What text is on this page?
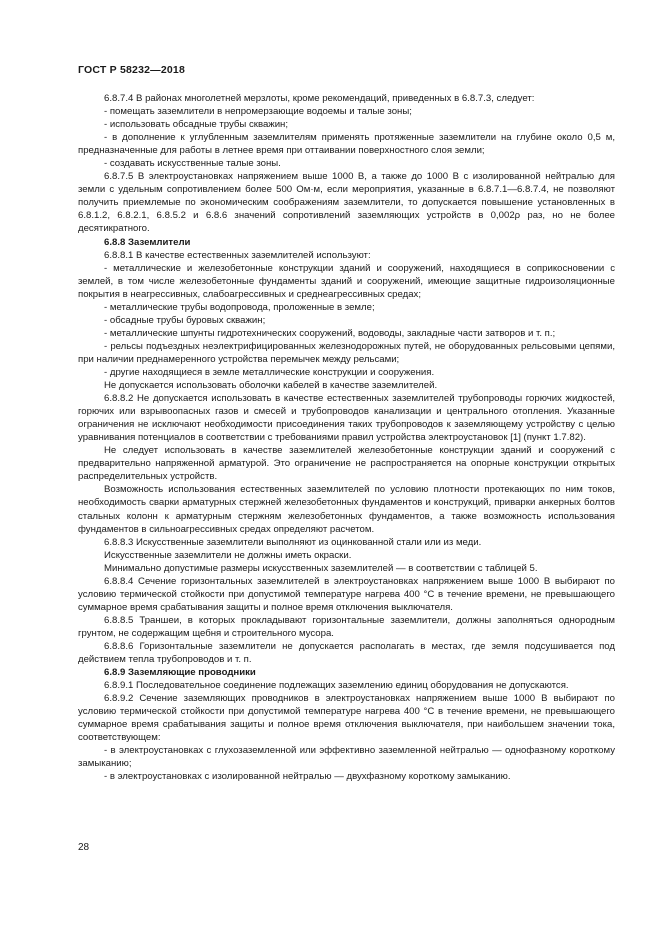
ГОСТ Р 58232—2018

6.8.7.4 В районах многолетней мерзлоты, кроме рекомендаций, приведенных в 6.8.7.3, следует:

- помещать заземлители в непромерзающие водоемы и талые зоны;

- использовать обсадные трубы скважин;

- в дополнение к углубленным заземлителям применять протяженные заземлители на глубине около 0,5 м, предназначенные для работы в летнее время при оттаивании поверхностного слоя земли;

- создавать искусственные талые зоны.

6.8.7.5 В электроустановках напряжением выше 1000 В, а также до 1000 В с изолированной нейтралью для земли с удельным сопротивлением более 500 Ом·м, если мероприятия, указанные в 6.8.7.1—6.8.7.4, не позволяют получить приемлемые по экономическим соображениям заземлители, то допускается повышение установленных в 6.8.1.2, 6.8.2.1, 6.8.5.2 и 6.8.6 значений сопротивлений заземляющих устройств в 0,002ρ раз, но не более десятикратного.

6.8.8 Заземлители

6.8.8.1 В качестве естественных заземлителей используют:

- металлические и железобетонные конструкции зданий и сооружений, находящиеся в соприкосновении с землей, в том числе железобетонные фундаменты зданий и сооружений, имеющие защитные гидроизоляционные покрытия в неагрессивных, слабоагрессивных и среднеагрессивных средах;

- металлические трубы водопровода, проложенные в земле;

- обсадные трубы буровых скважин;

- металлические шпунты гидротехнических сооружений, водоводы, закладные части затворов и т. п.;

- рельсы подъездных неэлектрифицированных железнодорожных путей, не оборудованных рельсовыми цепями, при наличии преднамеренного устройства перемычек между рельсами;

- другие находящиеся в земле металлические конструкции и сооружения.

Не допускается использовать оболочки кабелей в качестве заземлителей.

6.8.8.2 Не допускается использовать в качестве естественных заземлителей трубопроводы горючих жидкостей, горючих или взрывоопасных газов и смесей и трубопроводов канализации и центрального отопления. Указанные ограничения не исключают необходимости присоединения таких трубопроводов к заземляющему устройству с целью уравнивания потенциалов в соответствии с требованиями правил устройства электроустановок [1] (пункт 1.7.82).

Не следует использовать в качестве заземлителей железобетонные конструкции зданий и сооружений с предварительно напряженной арматурой. Это ограничение не распространяется на опорные конструкции открытых распределительных устройств.

Возможность использования естественных заземлителей по условию плотности протекающих по ним токов, необходимость сварки арматурных стержней железобетонных фундаментов и конструкций, приварки анкерных болтов стальных колонн к арматурным стержням железобетонных фундаментов, а также возможность использования фундаментов в сильноагрессивных средах определяют расчетом.

6.8.8.3 Искусственные заземлители выполняют из оцинкованной стали или из меди.

Искусственные заземлители не должны иметь окраски.

Минимально допустимые размеры искусственных заземлителей — в соответствии с таблицей 5.

6.8.8.4 Сечение горизонтальных заземлителей в электроустановках напряжением выше 1000 В выбирают по условию термической стойкости при допустимой температуре нагрева 400 °С в течение времени, не превышающего суммарное время срабатывания защиты и полное время отключения выключателя.

6.8.8.5 Траншеи, в которых прокладывают горизонтальные заземлители, должны заполняться однородным грунтом, не содержащим щебня и строительного мусора.

6.8.8.6 Горизонтальные заземлители не допускается располагать в местах, где земля подсушивается под действием тепла трубопроводов и т. п.

6.8.9 Заземляющие проводники

6.8.9.1 Последовательное соединение подлежащих заземлению единиц оборудования не допускаются.

6.8.9.2 Сечение заземляющих проводников в электроустановках напряжением выше 1000 В выбирают по условию термической стойкости при допустимой температуре нагрева 400 °С в течение времени, не превышающего суммарное время срабатывания защиты и полное время отключения выключателя, при наибольшем значении тока, соответствующем:

- в электроустановках с глухозаземленной или эффективно заземленной нейтралью — однофазному короткому замыканию;

- в электроустановках с изолированной нейтралью — двухфазному короткому замыканию.

28
